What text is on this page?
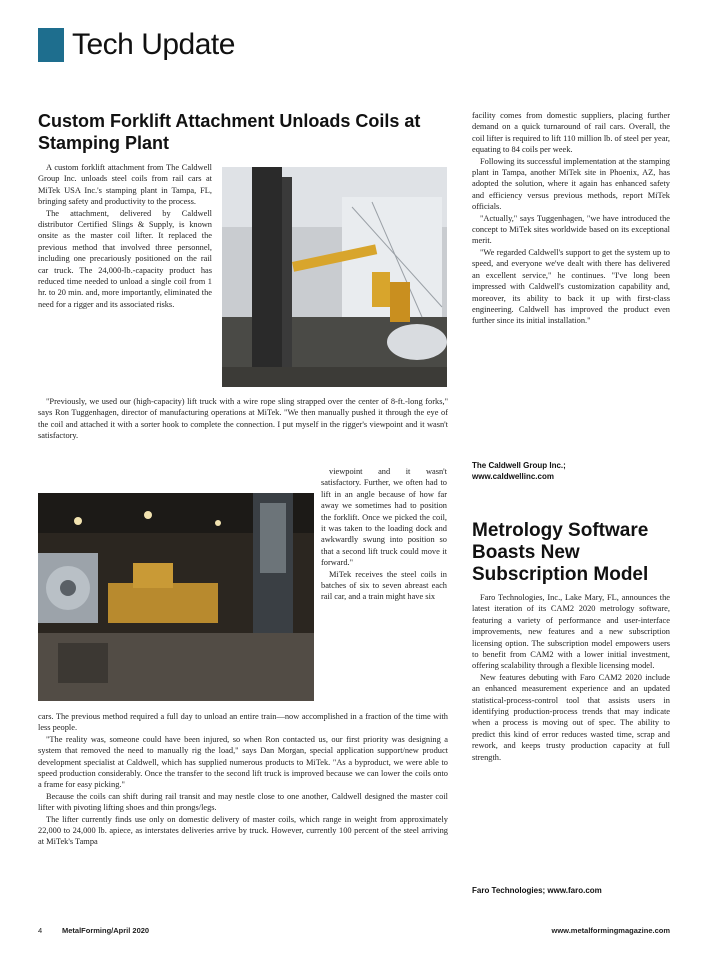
Tech Update
Custom Forklift Attachment Unloads Coils at Stamping Plant

A custom forklift attachment from The Caldwell Group Inc. unloads steel coils from rail cars at MiTek USA Inc.'s stamping plant in Tampa, FL, bringing safety and productivity to the process.

The attachment, delivered by Caldwell distributor Certified Slings & Supply, is known onsite as the master coil lifter. It replaced the previous method that involved three personnel, including one precariously positioned on the rail car truck. The 24,000-lb.-capacity product has reduced time needed to unload a single coil from 1 hr. to 20 min. and, more importantly, eliminated the need for a rigger and its associated risks.

"Previously, we used our (high-capacity) lift truck with a wire rope sling strapped over the center of 8-ft.-long forks," says Ron Tuggenhagen, director of manufacturing operations at MiTek. "We then manually pushed it through the eye of the coil and attached it with a sorter hook to complete the connection. I put myself in the rigger's viewpoint and it wasn't satisfactory.

viewpoint and it wasn't satisfactory. Further, we often had to lift in an angle because of how far away we sometimes had to position the forklift. Once we picked the coil, it was taken to the loading dock and awkwardly swung into position so that a second lift truck could move it forward."

MiTek receives the steel coils in batches of six to seven abreast each rail car, and a train might have six

cars. The previous method required a full day to unload an entire train—now accomplished in a fraction of the time with less people.

"The reality was, someone could have been injured, so when Ron contacted us, our first priority was designing a system that removed the need to manually rig the load," says Dan Morgan, special application support/new product development specialist at Caldwell, which has supplied numerous products to MiTek. "As a byproduct, we were able to speed production considerably. Once the transfer to the second lift truck is improved because we can lower the coils onto a frame for easy picking."

Because the coils can shift during rail transit and may nestle close to one another, Caldwell designed the master coil lifter with pivoting lifting shoes and thin prongs/legs.

The lifter currently finds use only on domestic delivery of master coils, which range in weight from approximately 22,000 to 24,000 lb. apiece, as interstates deliveries arrive by truck. However, currently 100 percent of the steel arriving at MiTek's Tampa

facility comes from domestic suppliers, placing further demand on a quick turnaround of rail cars. Overall, the coil lifter is required to lift 110 million lb. of steel per year, equating to 84 coils per week.

Following its successful implementation at the stamping plant in Tampa, another MiTek site in Phoenix, AZ, has adopted the solution, where it again has enhanced safety and efficiency versus previous methods, report MiTek officials.

"Actually," says Tuggenhagen, "we have introduced the concept to MiTek sites worldwide based on its exceptional merit.

"We regarded Caldwell's support to get the system up to speed, and everyone we've dealt with there has delivered an excellent service," he continues. "I've long been impressed with Caldwell's customization capability and, moreover, its ability to back it up with first-class engineering. Caldwell has improved the product even further since its initial installation."

The Caldwell Group Inc.;
www.caldwellinc.com
Metrology Software Boasts New Subscription Model

Faro Technologies, Inc., Lake Mary, FL, announces the latest iteration of its CAM2 2020 metrology software, featuring a variety of performance and user-interface improvements, new features and a new subscription licensing option. The subscription model empowers users to benefit from CAM2 with a lower initial investment, offering scalability through a flexible licensing model.

New features debuting with Faro CAM2 2020 include an enhanced measurement experience and an updated statistical-process-control tool that assists users in identifying production-process trends that may indicate when a process is moving out of spec. The ability to predict this kind of error reduces wasted time, scrap and rework, and keeps trusty production capacity at full strength.

Faro Technologies; www.faro.com
4	MetalForming/April 2020	www.metalformingmagazine.com
